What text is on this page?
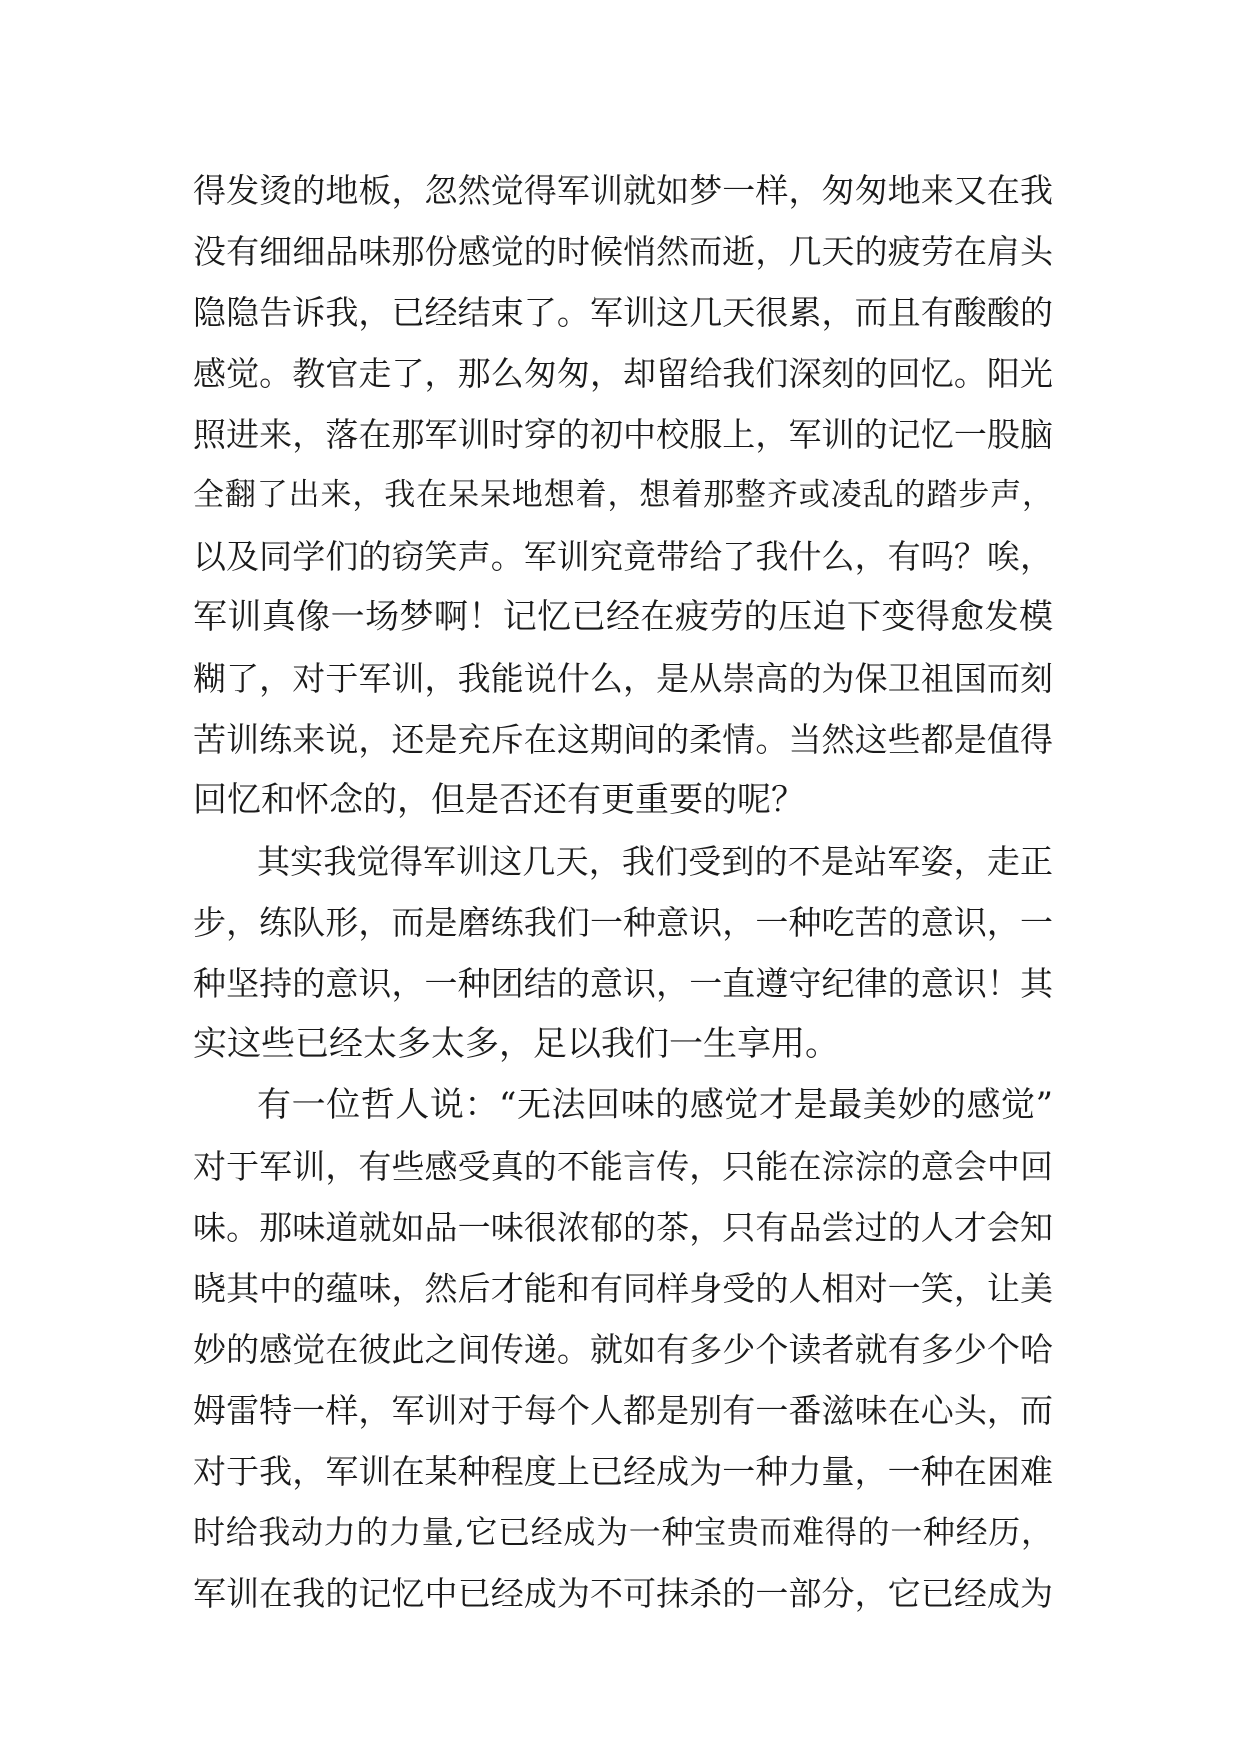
得发烫的地板，忽然觉得军训就如梦一样，匆匆地来又在我
没有细细品味那份感觉的时候悄然而逝，几天的疲劳在肩头
隐隐告诉我，已经结束了。军训这几天很累，而且有酸酸的
感觉。教官走了，那么匆匆，却留给我们深刻的回忆。阳光
照进来，落在那军训时穿的初中校服上，军训的记忆一股脑
全翻了出来，我在呆呆地想着，想着那整齐或凌乱的踏步声，
以及同学们的窃笑声。军训究竟带给了我什么，有吗？唉，
军训真像一场梦啊！记忆已经在疲劳的压迫下变得愈发模
糊了，对于军训，我能说什么，是从崇高的为保卫祖国而刻
苦训练来说，还是充斥在这期间的柔情。当然这些都是值得
回忆和怀念的，但是否还有更重要的呢？
其实我觉得军训这几天，我们受到的不是站军姿，走正
步，练队形，而是磨练我们一种意识，一种吃苦的意识，一
种坚持的意识，一种团结的意识，一直遵守纪律的意识！其
实这些已经太多太多，足以我们一生享用。
有一位哲人说：“无法回味的感觉才是最美妙的感觉”
对于军训，有些感受真的不能言传，只能在淙淙的意会中回
味。那味道就如品一味很浓郁的茶，只有品尝过的人才会知
晓其中的蕴味，然后才能和有同样身受的人相对一笑，让美
妙的感觉在彼此之间传递。就如有多少个读者就有多少个哈
姆雷特一样，军训对于每个人都是别有一番滋味在心头，而
对于我，军训在某种程度上已经成为一种力量，一种在困难
时给我动力的力量,它已经成为一种宝贵而难得的一种经历，
军训在我的记忆中已经成为不可抹杀的一部分，它已经成为
